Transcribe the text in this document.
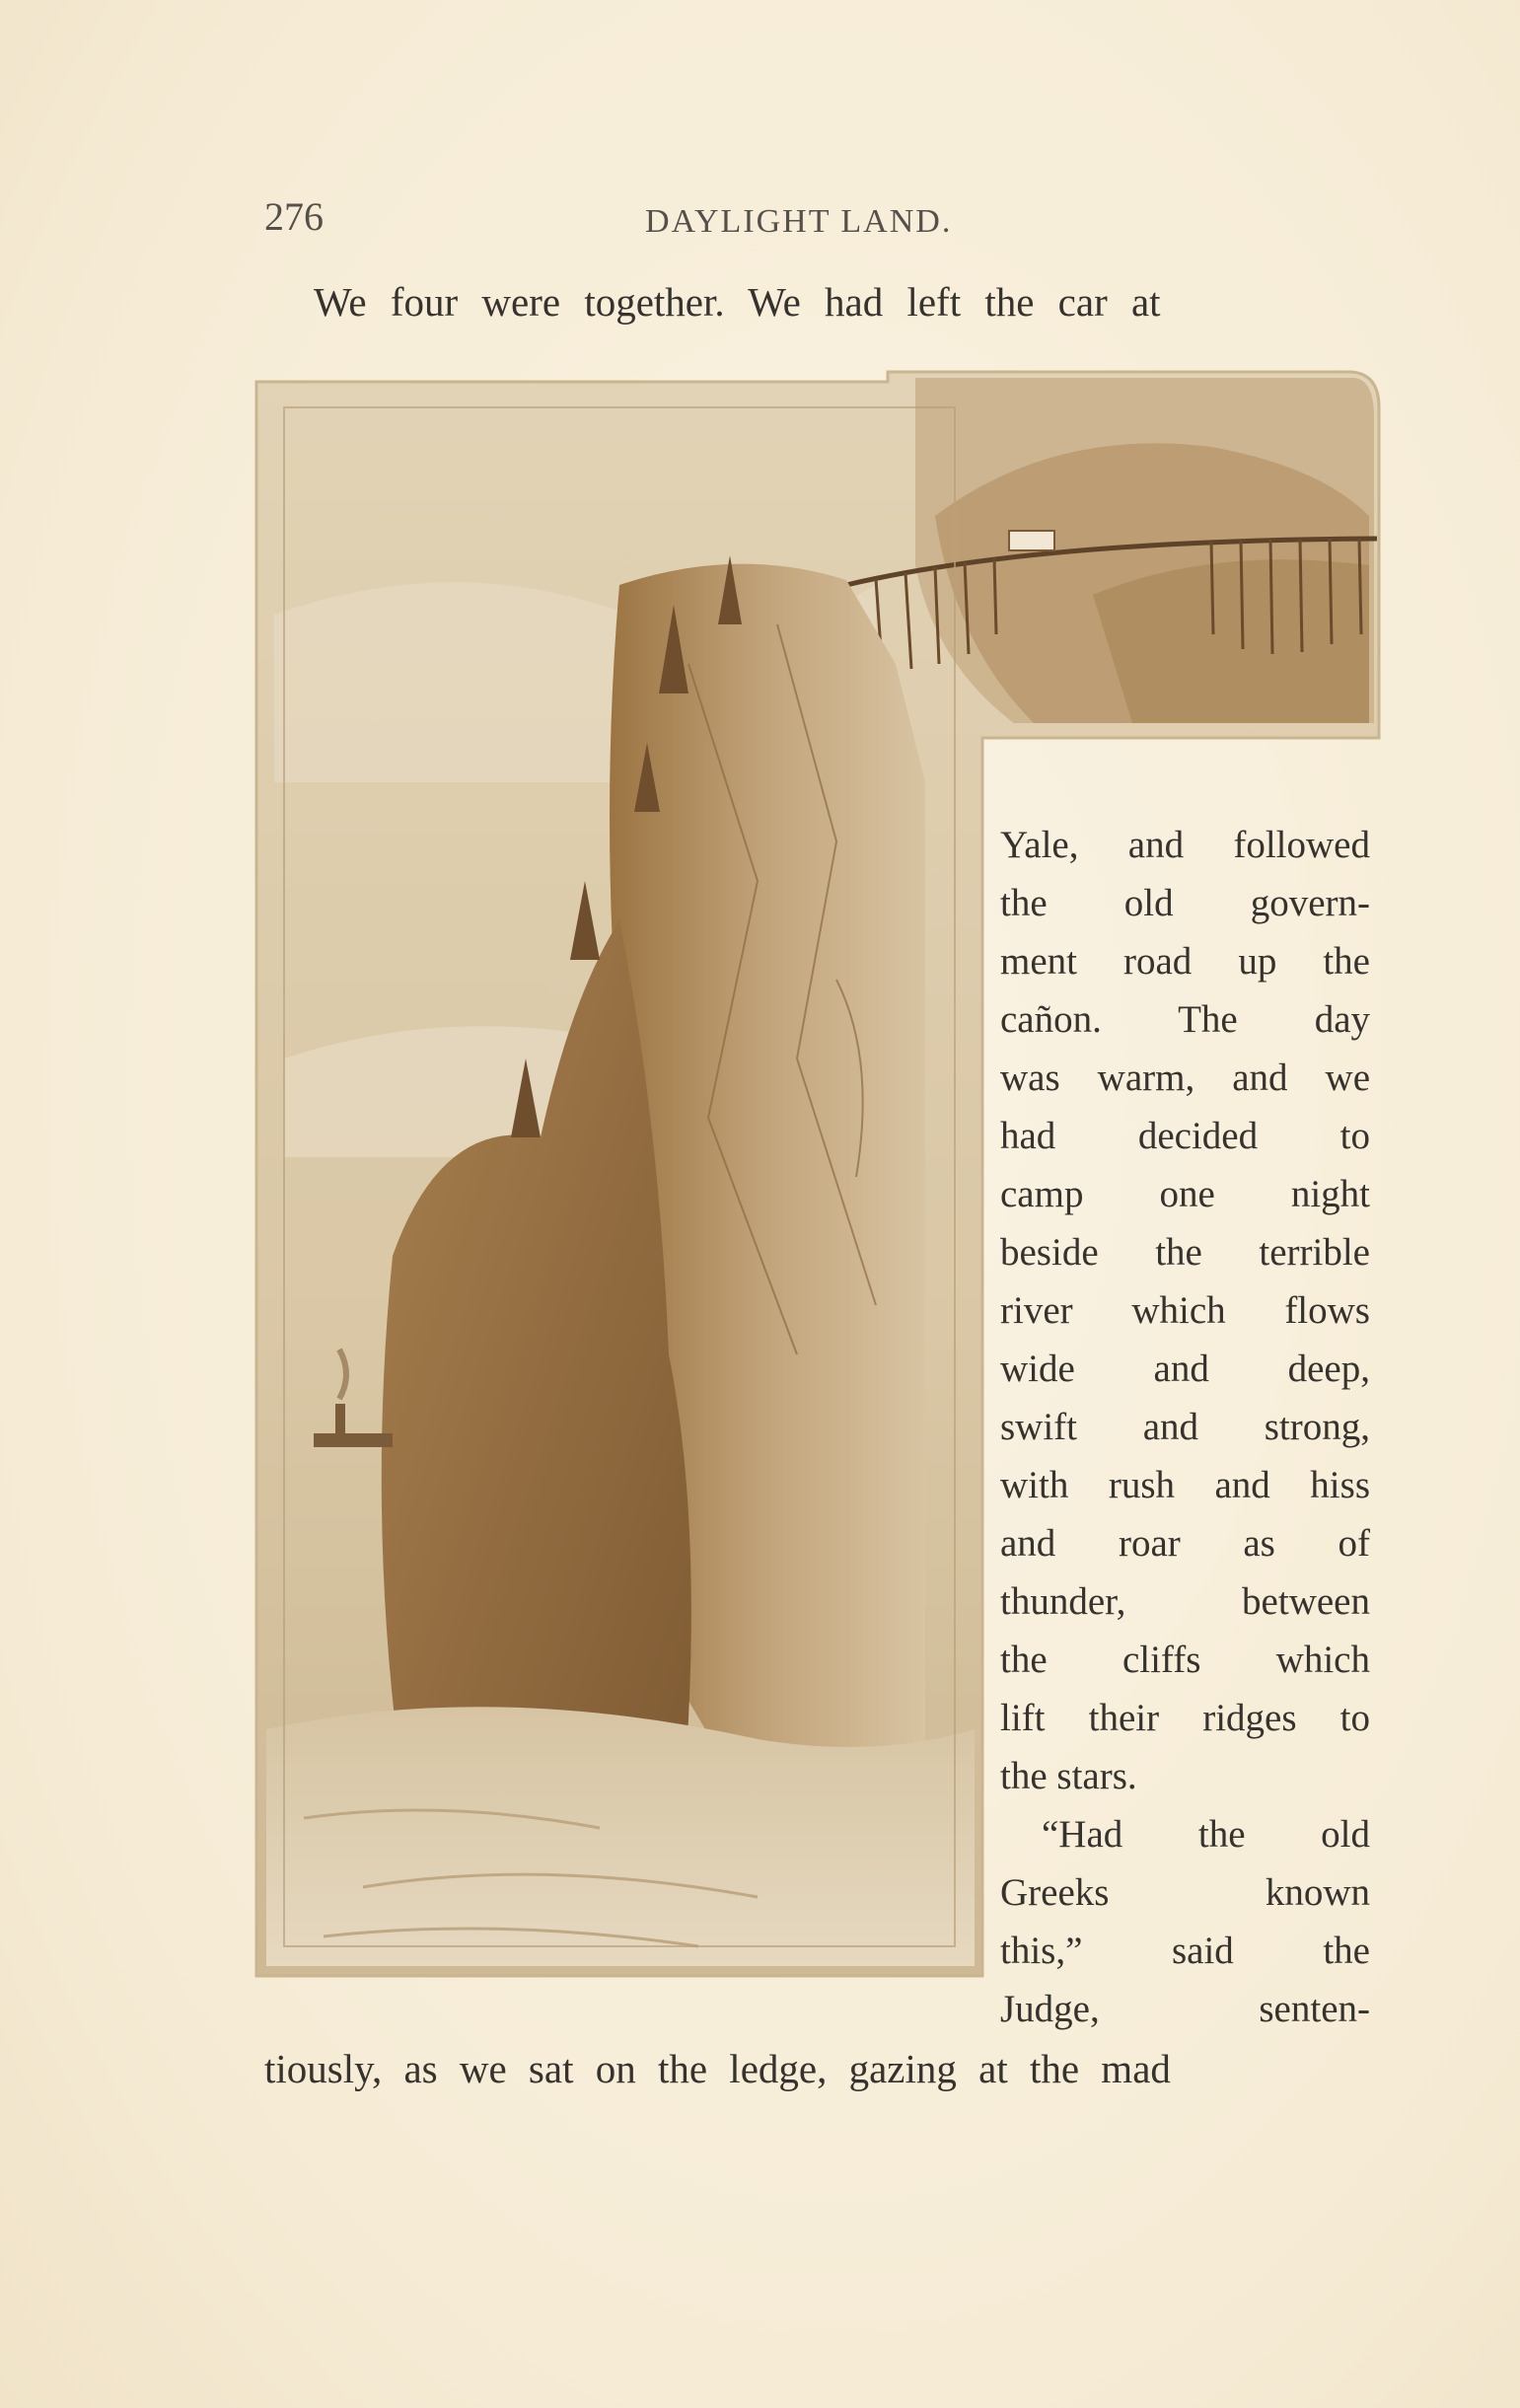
276	DAYLIGHT LAND.
We four were together. We had left the car at
Yale, and followed
the old govern-
ment road up the
cañon. The day
was warm, and we
had decided to
camp one night
beside the terrible
river which flows
wide and deep,
swift and strong,
with rush and hiss
and roar as of
thunder, between
the cliffs which
lift their ridges to
the stars.
“Had the old
Greeks known
this,” said the
Judge, senten-
tiously, as we sat on the ledge, gazing at the mad
